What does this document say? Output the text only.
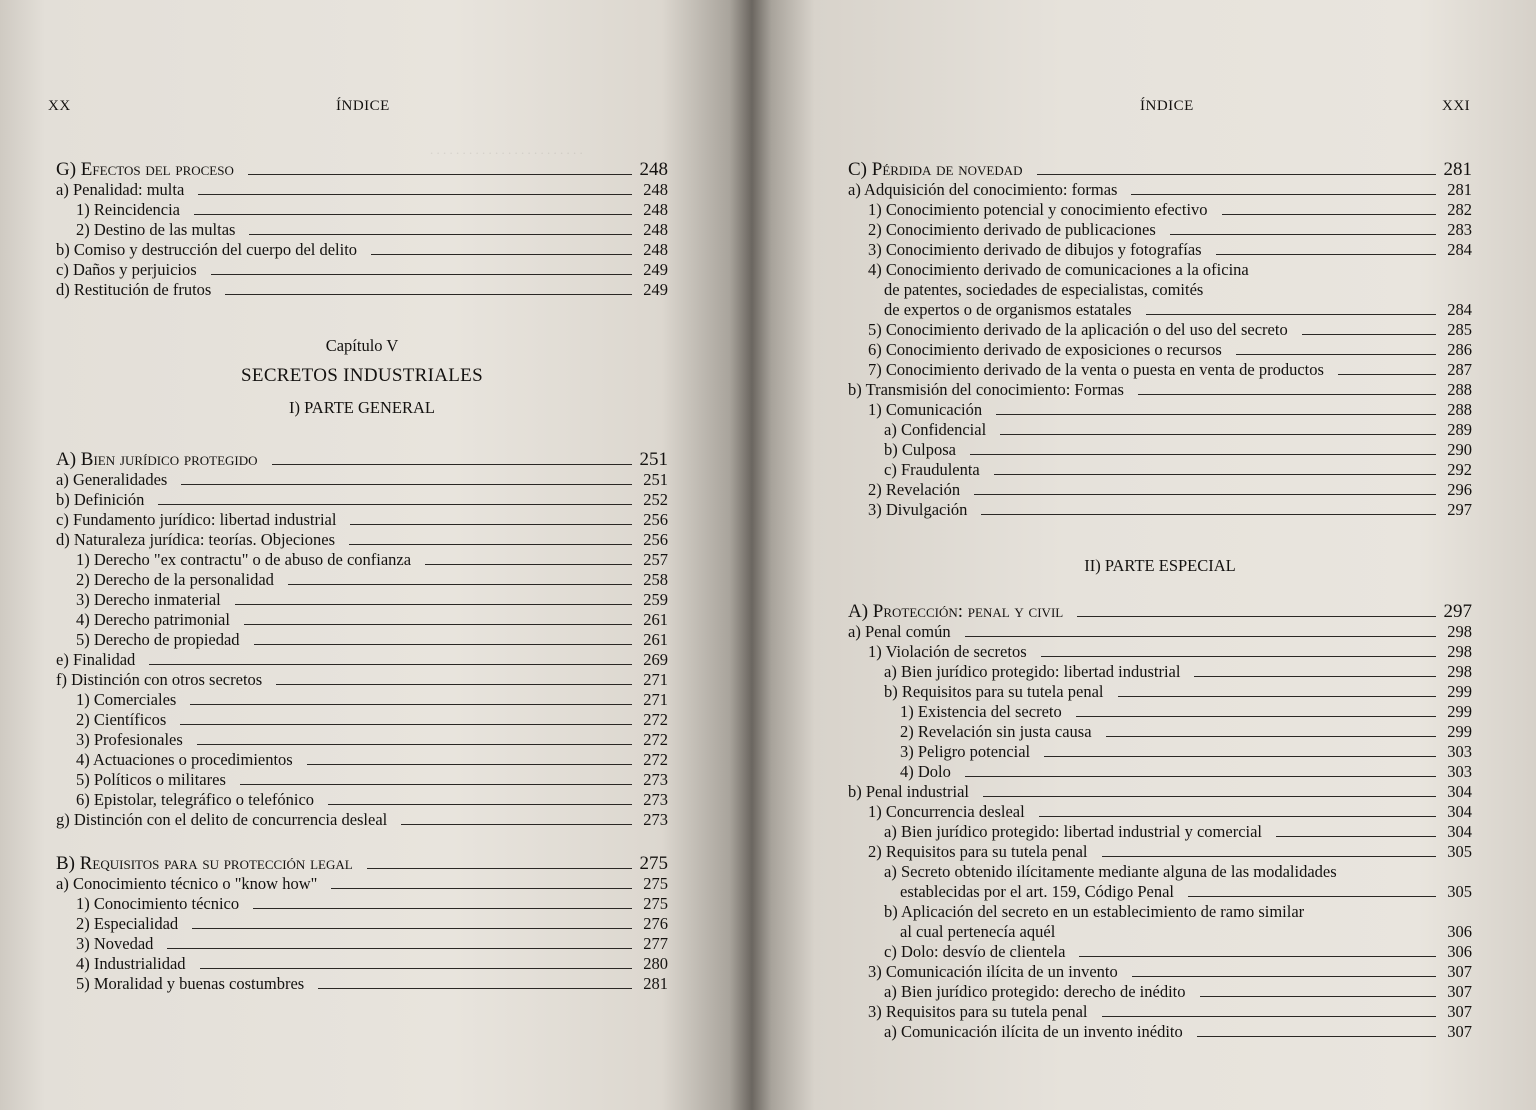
. . . . . . . . . . . . . . . . . . . . . . . .
XX	ÍNDICE
G) Efectos del proceso	248
a) Penalidad: multa	248
1) Reincidencia	248
2) Destino de las multas	248
b) Comiso y destrucción del cuerpo del delito	248
c) Daños y perjuicios	249
d) Restitución de frutos	249
Capítulo V
SECRETOS INDUSTRIALES
I) PARTE GENERAL
A) Bien jurídico protegido	251
a) Generalidades	251
b) Definición	252
c) Fundamento jurídico: libertad industrial	256
d) Naturaleza jurídica: teorías. Objeciones	256
1) Derecho "ex contractu" o de abuso de confianza	257
2) Derecho de la personalidad	258
3) Derecho inmaterial	259
4) Derecho patrimonial	261
5) Derecho de propiedad	261
e) Finalidad	269
f) Distinción con otros secretos	271
1) Comerciales	271
2) Científicos	272
3) Profesionales	272
4) Actuaciones o procedimientos	272
5) Políticos o militares	273
6) Epistolar, telegráfico o telefónico	273
g) Distinción con el delito de concurrencia desleal	273
B) Requisitos para su protección legal	275
a) Conocimiento técnico o "know how"	275
1) Conocimiento técnico	275
2) Especialidad	276
3) Novedad	277
4) Industrialidad	280
5) Moralidad y buenas costumbres	281
ÍNDICE	XXI
C) Pérdida de novedad	281
a) Adquisición del conocimiento: formas	281
1) Conocimiento potencial y conocimiento efectivo	282
2) Conocimiento derivado de publicaciones	283
3) Conocimiento derivado de dibujos y fotografías	284
4) Conocimiento derivado de comunicaciones a la oficina
de patentes, sociedades de especialistas, comités
de expertos o de organismos estatales	284
5) Conocimiento derivado de la aplicación o del uso del secreto	285
6) Conocimiento derivado de exposiciones o recursos	286
7) Conocimiento derivado de la venta o puesta en venta de productos	287
b) Transmisión del conocimiento: Formas	288
1) Comunicación	288
a) Confidencial	289
b) Culposa	290
c) Fraudulenta	292
2) Revelación	296
3) Divulgación	297
II) PARTE ESPECIAL
A) Protección: penal y civil	297
a) Penal común	298
1) Violación de secretos	298
a) Bien jurídico protegido: libertad industrial	298
b) Requisitos para su tutela penal	299
1) Existencia del secreto	299
2) Revelación sin justa causa	299
3) Peligro potencial	303
4) Dolo	303
b) Penal industrial	304
1) Concurrencia desleal	304
a) Bien jurídico protegido: libertad industrial y comercial	304
2) Requisitos para su tutela penal	305
a) Secreto obtenido ilícitamente mediante alguna de las modalidades
establecidas por el art. 159, Código Penal	305
b) Aplicación del secreto en un establecimiento de ramo similar
al cual pertenecía aquél	306
c) Dolo: desvío de clientela	306
3) Comunicación ilícita de un invento	307
a) Bien jurídico protegido: derecho de inédito	307
3) Requisitos para su tutela penal	307
a) Comunicación ilícita de un invento inédito	307
